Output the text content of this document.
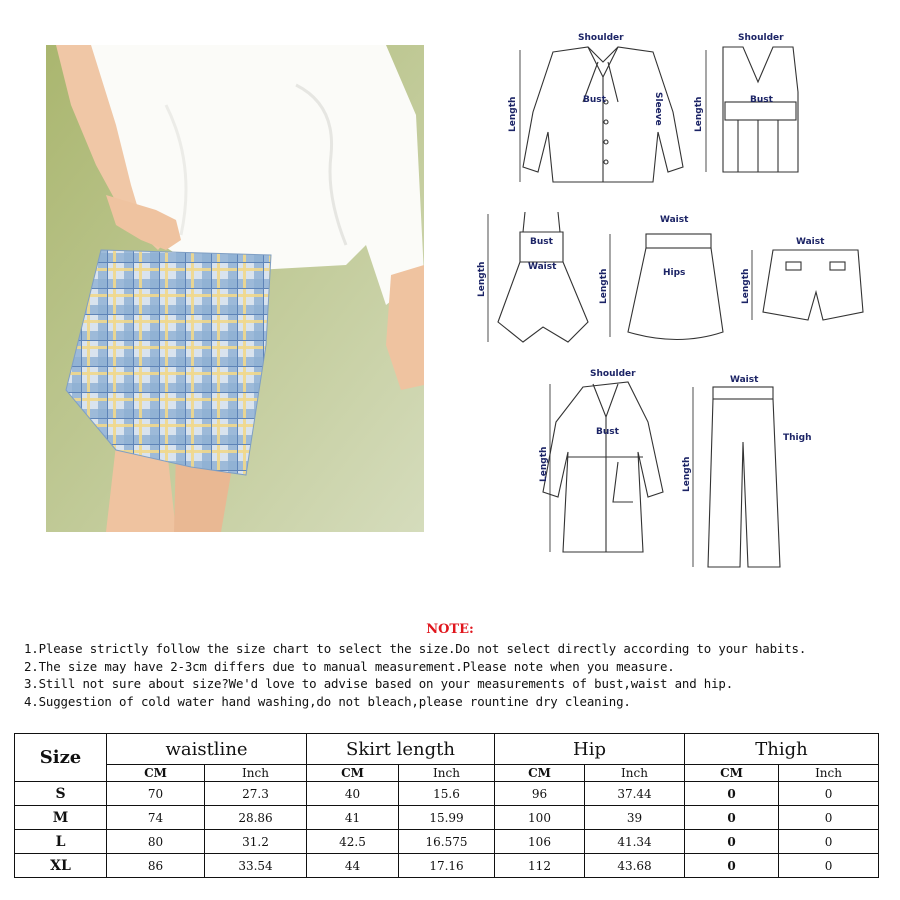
Shoulder
Bust	Sleeve
Length
Shoulder
Bust
Length
Bust
Waist
Length
Waist
Hips
Length
Waist
Length
Shoulder
Bust
Length
Waist
Thigh
Length
NOTE:
1.Please strictly follow the size chart to select the size.Do not select directly according to your habits.
2.The size may have 2-3cm differs due to manual measurement.Please note when you measure.
3.Still not sure about size?We'd love to advise based on your measurements of bust,waist and hip.
4.Suggestion of cold water hand washing,do not bleach,please rountine dry cleaning.
Size	waistline		Skirt length		Hip		Thigh	
	CM	Inch	CM	Inch	CM	Inch	CM	Inch
S	70	27.3	40	15.6	96	37.44	0	0
M	74	28.86	41	15.99	100	39	0	0
L	80	31.2	42.5	16.575	106	41.34	0	0
XL	86	33.54	44	17.16	112	43.68	0	0
